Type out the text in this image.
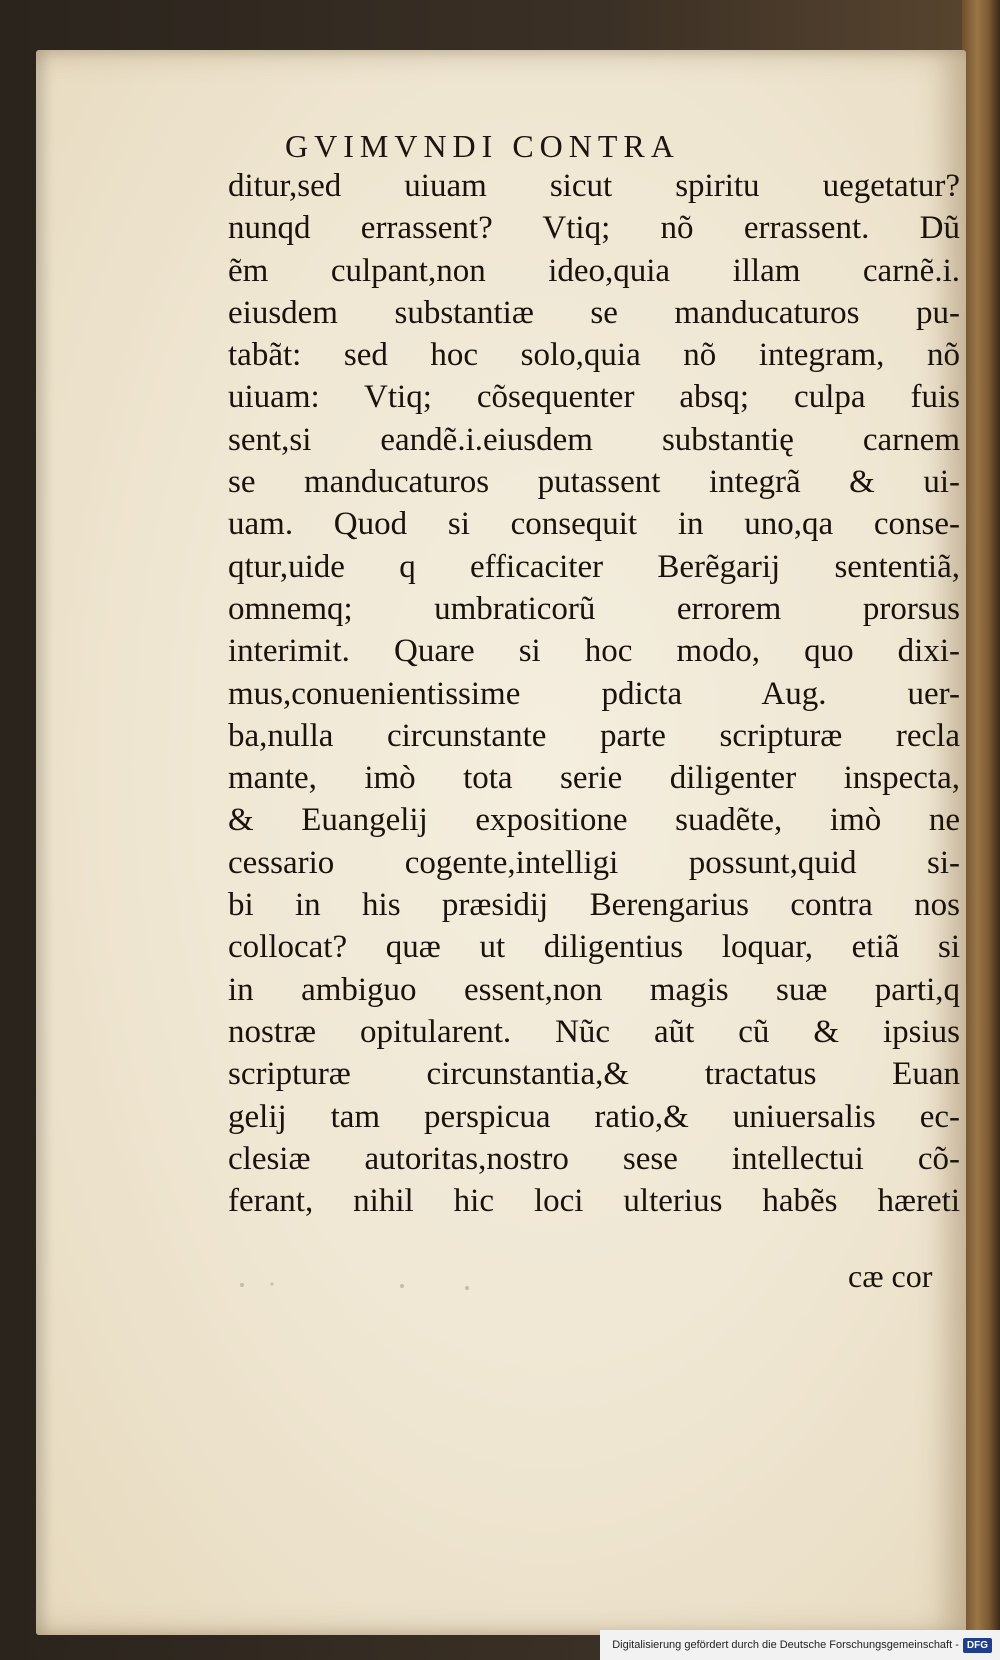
GVIMVNDI CONTRA
ditur,sed uiuam sicut spiritu uegetatur?
nunqd errassent? Vtiq; nõ errassent. Dũ
ẽm culpant,non ideo,quia illam carnẽ.i.
eiusdem substantiæ se manducaturos pu-
tabãt: sed hoc solo,quia nõ integram, nõ
uiuam: Vtiq; cõsequenter absq; culpa fuis
sent,si eandẽ.i.eiusdem substantię carnem
se manducaturos putassent integrã & ui-
uam. Quod si consequit in uno,qa conse-
qtur,uide q efficaciter Berẽgarij sententiã,
omnemq; umbraticorũ errorem prorsus
interimit. Quare si hoc modo, quo dixi-
mus,conuenientissime pdicta Aug. uer-
ba,nulla circunstante parte scripturæ recla
mante, imò tota serie diligenter inspecta,
& Euangelij expositione suadẽte, imò ne
cessario cogente,intelligi possunt,quid si-
bi in his præsidij Berengarius contra nos
collocat? quæ ut diligentius loquar, etiã si
in ambiguo essent,non magis suæ parti,q
nostræ opitularent. Nũc aũt cũ & ipsius
scripturæ circunstantia,& tractatus Euan
gelij tam perspicua ratio,& uniuersalis ec-
clesiæ autoritas,nostro sese intellectui cõ-
ferant, nihil hic loci ulterius habẽs hæreti
cæ cor
Digitalisierung gefördert durch die Deutsche Forschungsgemeinschaft - DFG
